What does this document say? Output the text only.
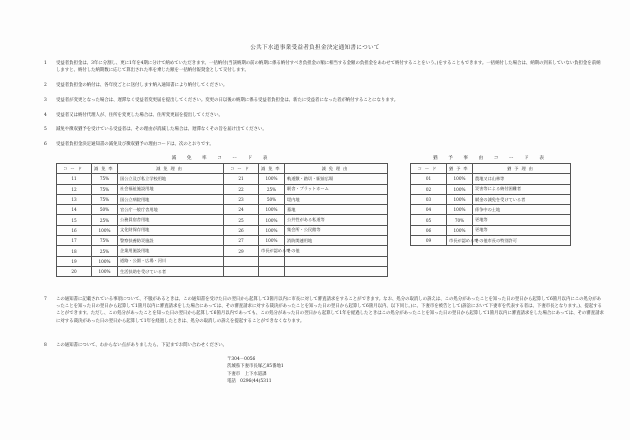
公共下水道事業受益者負担金決定通知書について
1	受益者負担金は、3年に分割し、更に1年を4期に分けて納めていただきます。一括納付(当該納期の前の納期に係る納付すべき負担金の額に相当する金額の負担金をあわせて納付することをいう。)をすることもできます。一括納付した場合は、納期の到来していない負担金を前納しますと、納付した納期数に応じて算出された率を乗じた額を一括納付報奨金として交付します。
2	受益者負担金の納付は、各年度ごとに送付します納入通知書により納付してください。
3	受益者が変更となった場合は、遅滞なく受益者変更届を提出してください。変更の日以後の納期に係る受益者負担金は、新たに受益者になった者が納付することになります。
4	受益者又は納付代理人が、住所を変更した場合は、住所変更届を提出してください。
5	減免や徴収猶予を受けている受益者は、その理由が消滅した場合は、遅滞なくその旨を届け出てください。
6	受益者負担金決定通知書の減免及び徴収猶予の理由コードは、次のとおりです。
減　免　率　コ　ー　ド　表
コード	減免率	減免理由	コード	減免率	減免理由
11	75%	国公立及び私立学校用地	21	100%	軌道敷・踏切・駅前広場
12	75%	社会福祉施設用地	22	25%	駅舎・プラットホーム
13	75%	国公立病院用地	23	50%	堤内地
14	50%	官公庁一般庁舎用地	24	100%	墓地
15	25%	公務員宿舎用地	25	100%	公共性がある私道等
16	100%	文化財保存用地	26	100%	集会所・公民館等
17	75%	警察扶養防災施設	27	100%	消防関連用地
18	25%	企業用施設用地	29	市長が認める率	その他
19	100%	道路・公園・広場・河川			
20	100%	生活扶助を受けている者			
猶　予　事　由　コ　ー　ド　表
コード	猶予率	猶予理由
01	100%	農地又は山林等
02	100%	災害等による納付困難者
03	100%	賦金の減免を受けている者
04	100%	係争中の土地
05	70%	更地等
06	100%	更地等
09	市長が認める率	その他市長の特別許可
7	この通知書に記載されている事項について、不服があるときは、この通知書を受けた日の翌日から起算して3箇月以内に市長に対して審査請求をすることができます。なお、処分の取消しの訴えは、この処分があったことを知った日の翌日から起算して6箇月以内にこの処分があったことを知った日の翌日から起算して1箇月以内に審査請求をした場合にあっては、その審査請求に対する裁決があったことを知った日の翌日から起算して6箇月以内、以下同じ。)に、下妻市を被告として(訴訟において下妻市を代表する者は、下妻市長となります。)、提起することができます。ただし、この処分があったことを知った日の翌日から起算して6箇月以内であっても、この処分があった日の翌日から起算して1年を経過したときはこの処分があったことを知った日の翌日から起算して1箇月以内に審査請求をした場合にあっては、その審査請求に対する裁決があった日の翌日から起算して1年を経過したときは、処分の取消しの訴えを提起することができなくなります。
8	この通知書について、わからない点がありましたら、下記までお問い合わせください。
〒304－0056
茨城県下妻市長塚乙85番地1
下妻市　上下水道課
電話　0296(44)5311
